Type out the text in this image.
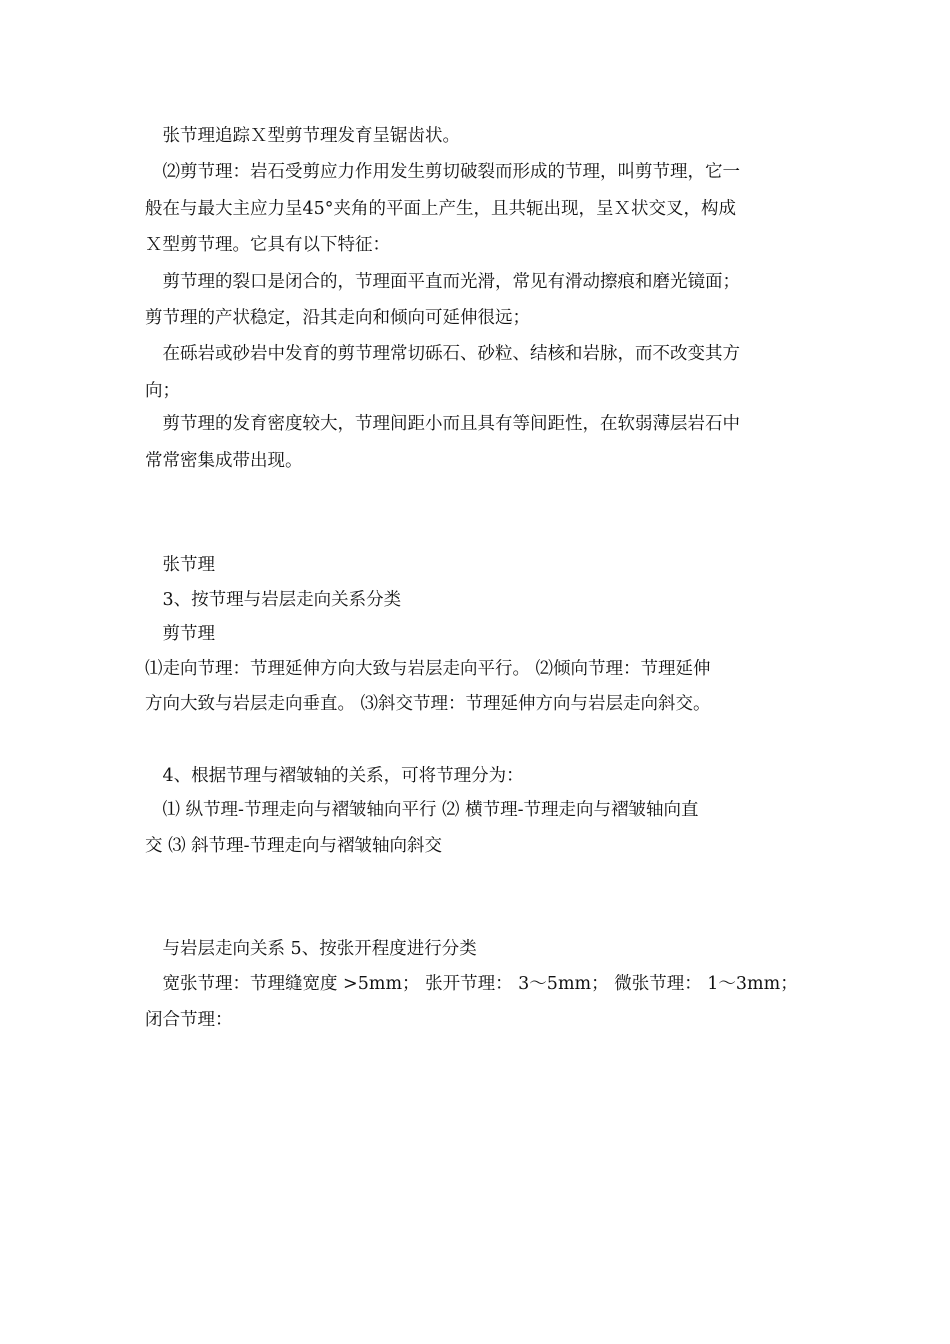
　张节理追踪Ｘ型剪节理发育呈锯齿状。
　⑵剪节理：岩石受剪应力作用发生剪切破裂而形成的节理，叫剪节理，它一
般在与最大主应力呈45°夹角的平面上产生，且共轭出现，呈Ｘ状交叉，构成
Ｘ型剪节理。它具有以下特征：
　剪节理的裂口是闭合的，节理面平直而光滑，常见有滑动擦痕和磨光镜面；
剪节理的产状稳定，沿其走向和倾向可延伸很远；
　在砾岩或砂岩中发育的剪节理常切砾石、砂粒、结核和岩脉，而不改变其方
向；
　剪节理的发育密度较大，节理间距小而且具有等间距性，在软弱薄层岩石中
常常密集成带出现。
　张节理
　3、按节理与岩层走向关系分类
　剪节理
⑴走向节理：节理延伸方向大致与岩层走向平行。 ⑵倾向节理：节理延伸
方向大致与岩层走向垂直。 ⑶斜交节理：节理延伸方向与岩层走向斜交。
　4、根据节理与褶皱轴的关系，可将节理分为：
　⑴ 纵节理-节理走向与褶皱轴向平行 ⑵ 横节理-节理走向与褶皱轴向直
交 ⑶ 斜节理-节理走向与褶皱轴向斜交
　与岩层走向关系 5、按张开程度进行分类
　宽张节理：节理缝宽度 >5mm； 张开节理： 3～5mm； 微张节理： 1～3mm；
闭合节理：
